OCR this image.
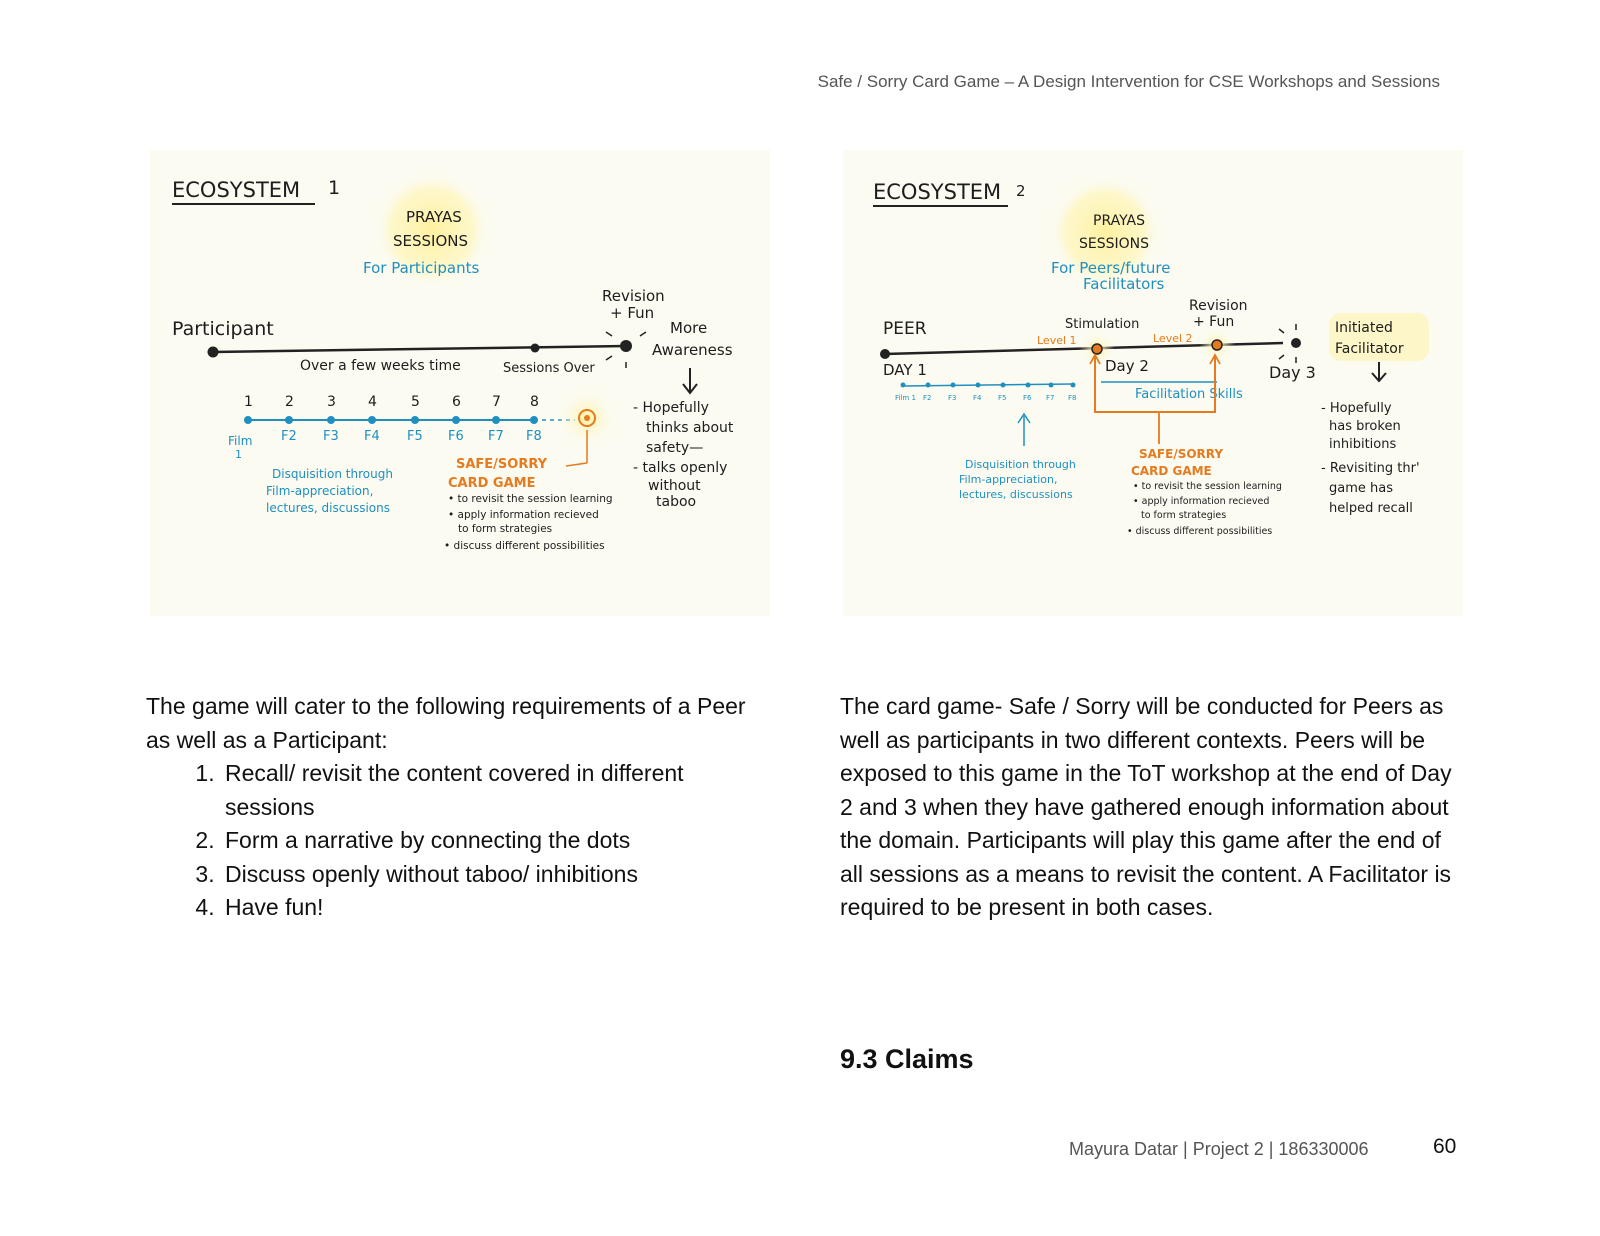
Safe / Sorry Card Game – A Design Intervention for CSE Workshops and Sessions
ECOSYSTEM 1
PRAYAS
SESSIONS
For Participants
Participant
Over a few weeks time	Sessions Over
Revision
+ Fun
More
Awareness
1 2 3 4 5 6 7 8
Film
1
F2 F3 F4 F5 F6 F7 F8
Disquisition through
Film-appreciation,
lectures, discussions
SAFE/SORRY
CARD GAME
• to revisit the session learning
• apply information recieved
to form strategies
• discuss different possibilities
- Hopefully
thinks about
safety—
- talks openly
without
taboo
ECOSYSTEM 2
PRAYAS
SESSIONS
For Peers/future
Facilitators
PEER
DAY 1	Day 2	Day 3
Stimulation
Level 1	Level 2
Revision
+ Fun	Initiated
Facilitator
Film 1 F2 F3 F4 F5 F6 F7 F8	Facilitation Skills
Disquisition through
Film-appreciation,
lectures, discussions
SAFE/SORRY
CARD GAME
• to revisit the session learning
• apply information recieved
to form strategies
• discuss different possibilities
- Hopefully
has broken
inhibitions
- Revisiting thr'
game has
helped recall

The game will cater to the following requirements of a Peer as well as a Participant:

1. Recall/ revisit the content covered in different sessions
2. Form a narrative by connecting the dots
3. Discuss openly without taboo/ inhibitions
4. Have fun!

The card game- Safe / Sorry will be conducted for Peers as well as participants in two different contexts. Peers will be exposed to this game in the ToT workshop at the end of Day 2 and 3 when they have gathered enough information about the domain. Participants will play this game after the end of all sessions as a means to revisit the content. A Facilitator is required to be present in both cases.

9.3 Claims
Mayura Datar | Project 2 | 186330006	60
